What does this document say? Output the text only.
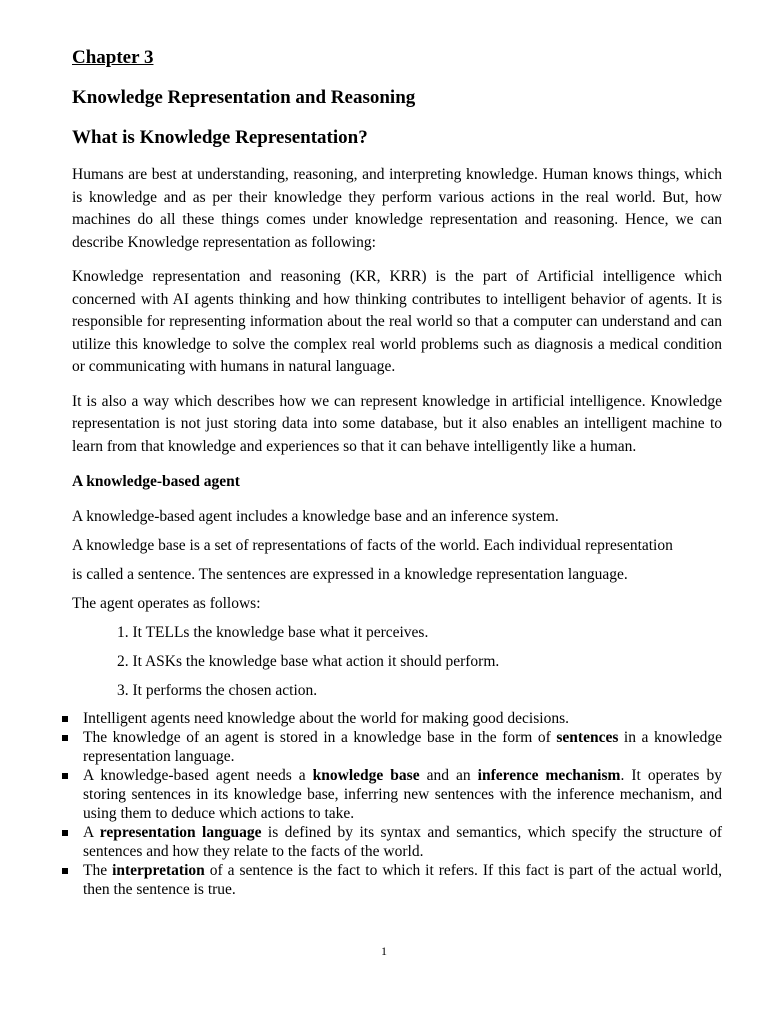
Chapter 3
Knowledge Representation and Reasoning
What is Knowledge Representation?

Humans are best at understanding, reasoning, and interpreting knowledge. Human knows things, which is knowledge and as per their knowledge they perform various actions in the real world. But, how machines do all these things comes under knowledge representation and reasoning. Hence, we can describe Knowledge representation as following:

Knowledge representation and reasoning (KR, KRR) is the part of Artificial intelligence which concerned with AI agents thinking and how thinking contributes to intelligent behavior of agents. It is responsible for representing information about the real world so that a computer can understand and can utilize this knowledge to solve the complex real world problems such as diagnosis a medical condition or communicating with humans in natural language.

It is also a way which describes how we can represent knowledge in artificial intelligence. Knowledge representation is not just storing data into some database, but it also enables an intelligent machine to learn from that knowledge and experiences so that it can behave intelligently like a human.

A knowledge-based agent

A knowledge-based agent includes a knowledge base and an inference system.

A knowledge base is a set of representations of facts of the world. Each individual representation

is called a sentence. The sentences are expressed in a knowledge representation language.

The agent operates as follows:

1. It TELLs the knowledge base what it perceives.
2. It ASKs the knowledge base what action it should perform.
3. It performs the chosen action.
Intelligent agents need knowledge about the world for making good decisions.
The knowledge of an agent is stored in a knowledge base in the form of sentences in a knowledge representation language.
A knowledge-based agent needs a knowledge base and an inference mechanism. It operates by storing sentences in its knowledge base, inferring new sentences with the inference mechanism, and using them to deduce which actions to take.
A representation language is defined by its syntax and semantics, which specify the structure of sentences and how they relate to the facts of the world.
The interpretation of a sentence is the fact to which it refers. If this fact is part of the actual world, then the sentence is true.
1
